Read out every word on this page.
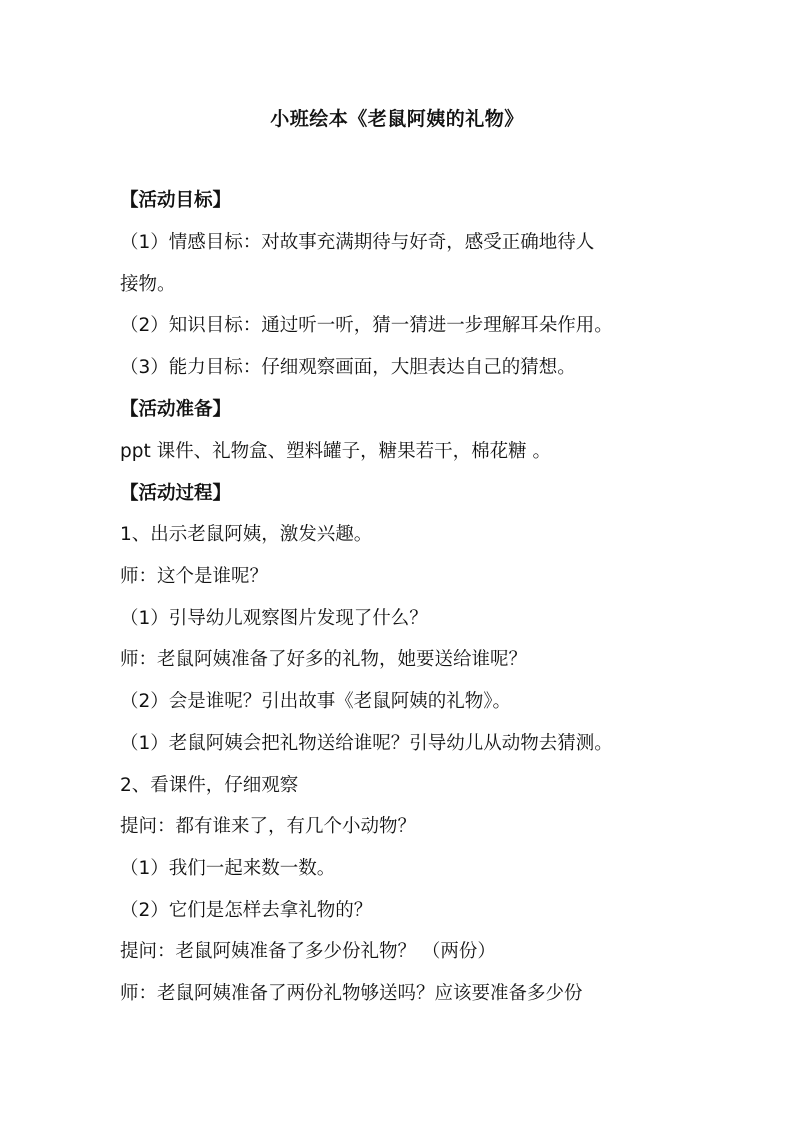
小班绘本《老鼠阿姨的礼物》
【活动目标】
（1）情感目标：对故事充满期待与好奇，感受正确地待人
接物。
（2）知识目标：通过听一听，猜一猜进一步理解耳朵作用。
（3）能力目标：仔细观察画面，大胆表达自己的猜想。
【活动准备】
ppt 课件、礼物盒、塑料罐子，糖果若干，棉花糖 。
【活动过程】
1、出示老鼠阿姨，激发兴趣。
师：这个是谁呢？
（1）引导幼儿观察图片发现了什么？
师：老鼠阿姨准备了好多的礼物，她要送给谁呢？
（2）会是谁呢？引出故事《老鼠阿姨的礼物》。
（1）老鼠阿姨会把礼物送给谁呢？引导幼儿从动物去猜测。
2、看课件，仔细观察
提问：都有谁来了，有几个小动物？
（1）我们一起来数一数。
（2）它们是怎样去拿礼物的？
提问：老鼠阿姨准备了多少份礼物？ （两份）
师：老鼠阿姨准备了两份礼物够送吗？应该要准备多少份
